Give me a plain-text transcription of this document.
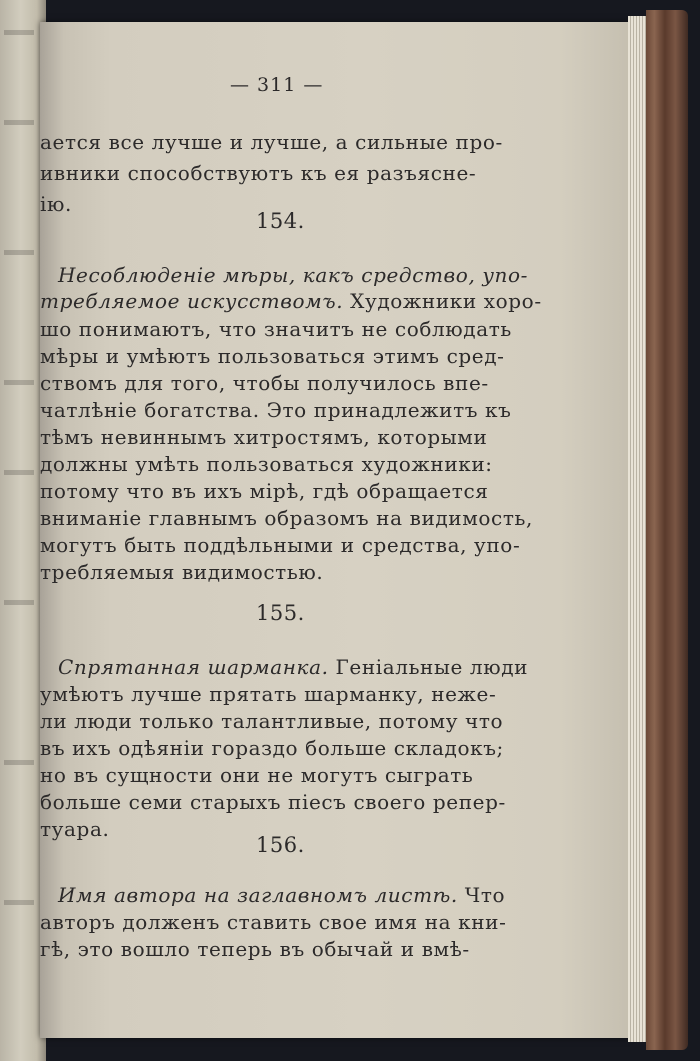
— 311 —
ается все лучше и лучше, а сильные про-
ивники способствуютъ къ ея разъясне-
ію.
154.
Несоблюденіе мѣры, какъ средство, упо-
требляемое искусствомъ. Художники хоро-
шо понимаютъ, что значитъ не соблюдать
мѣры и умѣютъ пользоваться этимъ сред-
ствомъ для того, чтобы получилось впе-
чатлѣніе богатства. Это принадлежитъ къ
тѣмъ невиннымъ хитростямъ, которыми
должны умѣть пользоваться художники:
потому что въ ихъ мірѣ, гдѣ обращается
вниманіе главнымъ образомъ на видимость,
могутъ быть поддѣльными и средства, упо-
требляемыя видимостью.
155.
Спрятанная шарманка. Геніальные люди
умѣютъ лучше прятать шарманку, нежe-
ли люди только талантливые, потому что
въ ихъ одѣяніи гораздо больше складокъ;
но въ сущности они не могутъ сыграть
больше семи старыхъ пiесъ своего репер-
туара.
156.
Имя автора на заглавномъ листѣ. Что
авторъ долженъ ставить свое имя на кни-
гѣ, это вошло теперь въ обычай и вмѣ-
